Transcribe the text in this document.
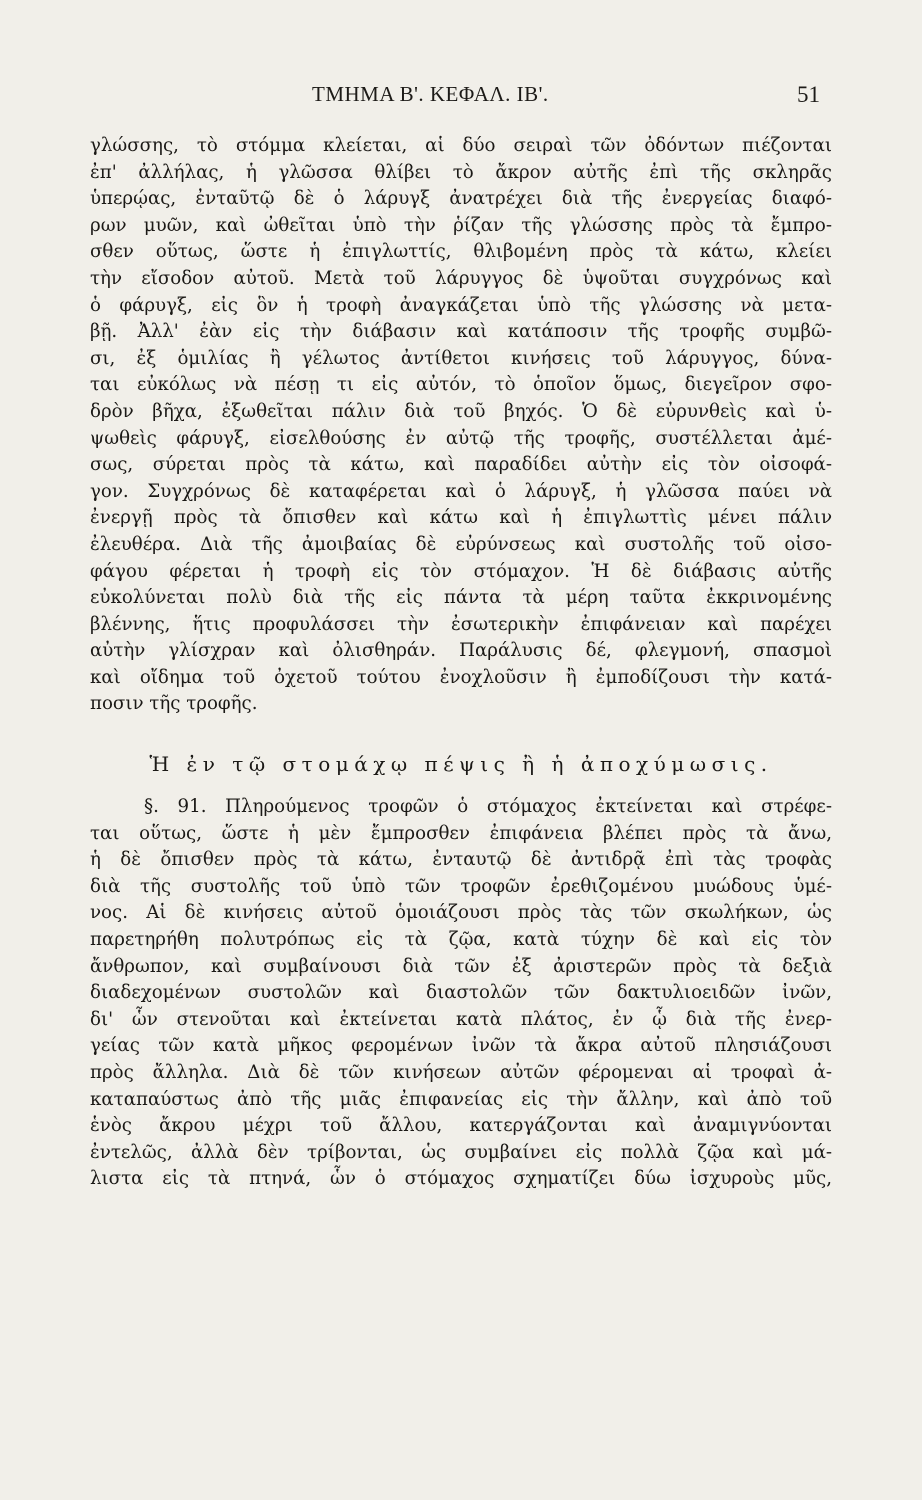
ΤΜΗΜΑ Β'. ΚΕΦΑΛ. ΙΒ'.	51
γλώσσης, τὸ στόμμα κλείεται, αἱ δύο σειραὶ τῶν ὀδόντων πιέζονται
ἐπ' ἀλλήλας, ἡ γλῶσσα θλίβει τὸ ἄκρον αὐτῆς ἐπὶ τῆς σκληρᾶς
ὑπερῴας, ἐνταῦτῷ δὲ ὁ λάρυγξ ἀνατρέχει διὰ τῆς ἐνεργείας διαφό-
ρων μυῶν, καὶ ὠθεῖται ὑπὸ τὴν ῥίζαν τῆς γλώσσης πρὸς τὰ ἔμπρο-
σθεν οὕτως, ὥστε ἡ ἐπιγλωττίς, θλιβομένη πρὸς τὰ κάτω, κλείει
τὴν εἴσοδον αὐτοῦ. Μετὰ τοῦ λάρυγγος δὲ ὑψοῦται συγχρόνως καὶ
ὁ φάρυγξ, εἰς ὃν ἡ τροφὴ ἀναγκάζεται ὑπὸ τῆς γλώσσης νὰ μετα-
βῇ. Ἀλλ' ἐὰν εἰς τὴν διάβασιν καὶ κατάποσιν τῆς τροφῆς συμβῶ-
σι, ἐξ ὁμιλίας ἢ γέλωτος ἀντίθετοι κινήσεις τοῦ λάρυγγος, δύνα-
ται εὐκόλως νὰ πέσῃ τι εἰς αὐτόν, τὸ ὁποῖον ὅμως, διεγεῖρον σφο-
δρὸν βῆχα, ἐξωθεῖται πάλιν διὰ τοῦ βηχός. Ὁ δὲ εὐρυνθεὶς καὶ ὑ-
ψωθεὶς φάρυγξ, εἰσελθούσης ἐν αὐτῷ τῆς τροφῆς, συστέλλεται ἀμέ-
σως, σύρεται πρὸς τὰ κάτω, καὶ παραδίδει αὐτὴν εἰς τὸν οἰσοφά-
γον. Συγχρόνως δὲ καταφέρεται καὶ ὁ λάρυγξ, ἡ γλῶσσα παύει νὰ
ἐνεργῇ πρὸς τὰ ὄπισθεν καὶ κάτω καὶ ἡ ἐπιγλωττὶς μένει πάλιν
ἐλευθέρα. Διὰ τῆς ἀμοιβαίας δὲ εὐρύνσεως καὶ συστολῆς τοῦ οἰσο-
φάγου φέρεται ἡ τροφὴ εἰς τὸν στόμαχον. Ἡ δὲ διάβασις αὐτῆς
εὐκολύνεται πολὺ διὰ τῆς εἰς πάντα τὰ μέρη ταῦτα ἐκκρινομένης
βλέννης, ἥτις προφυλάσσει τὴν ἐσωτερικὴν ἐπιφάνειαν καὶ παρέχει
αὐτὴν γλίσχραν καὶ ὀλισθηράν. Παράλυσις δέ, φλεγμονή, σπασμοὶ
καὶ οἴδημα τοῦ ὀχετοῦ τούτου ἐνοχλοῦσιν ἢ ἐμποδίζουσι τὴν κατά-
ποσιν τῆς τροφῆς.
Ἡ ἐν τῷ στομάχῳ πέψις ἢ ἡ ἀποχύμωσις.
§. 91. Πληρούμενος τροφῶν ὁ στόμαχος ἐκτείνεται καὶ στρέφε-
ται οὕτως, ὥστε ἡ μὲν ἔμπροσθεν ἐπιφάνεια βλέπει πρὸς τὰ ἄνω,
ἡ δὲ ὄπισθεν πρὸς τὰ κάτω, ἐνταυτῷ δὲ ἀντιδρᾷ ἐπὶ τὰς τροφὰς
διὰ τῆς συστολῆς τοῦ ὑπὸ τῶν τροφῶν ἐρεθιζομένου μυώδους ὑμέ-
νος. Αἱ δὲ κινήσεις αὐτοῦ ὁμοιάζουσι πρὸς τὰς τῶν σκωλήκων, ὡς
παρετηρήθη πολυτρόπως εἰς τὰ ζῷα, κατὰ τύχην δὲ καὶ εἰς τὸν
ἄνθρωπον, καὶ συμβαίνουσι διὰ τῶν ἐξ ἀριστερῶν πρὸς τὰ δεξιὰ
διαδεχομένων συστολῶν καὶ διαστολῶν τῶν δακτυλιοειδῶν ἰνῶν,
δι' ὧν στενοῦται καὶ ἐκτείνεται κατὰ πλάτος, ἐν ᾧ διὰ τῆς ἐνερ-
γείας τῶν κατὰ μῆκος φερομένων ἰνῶν τὰ ἄκρα αὐτοῦ πλησιάζουσι
πρὸς ἄλληλα. Διὰ δὲ τῶν κινήσεων αὐτῶν φέρομεναι αἱ τροφαὶ ἀ-
καταπαύστως ἀπὸ τῆς μιᾶς ἐπιφανείας εἰς τὴν ἄλλην, καὶ ἀπὸ τοῦ
ἑνὸς ἄκρου μέχρι τοῦ ἄλλου, κατεργάζονται καὶ ἀναμιγνύονται
ἐντελῶς, ἀλλὰ δὲν τρίβονται, ὡς συμβαίνει εἰς πολλὰ ζῷα καὶ μά-
λιστα εἰς τὰ πτηνά, ὧν ὁ στόμαχος σχηματίζει δύω ἰσχυροὺς μῦς,
